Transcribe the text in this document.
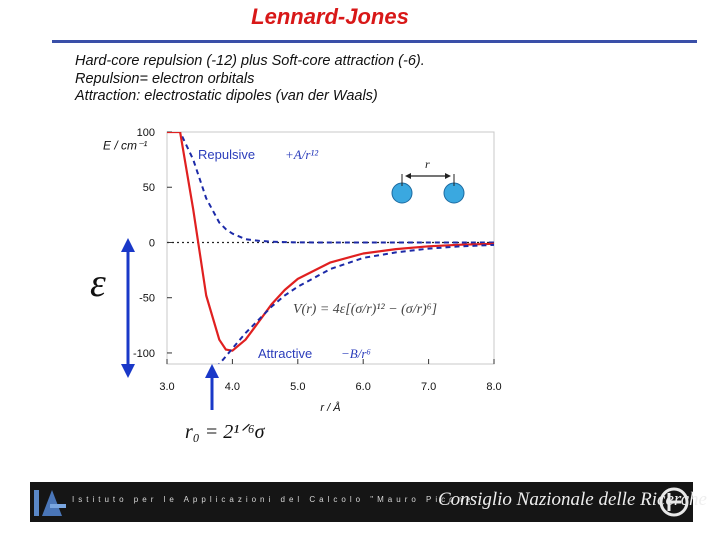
Lennard-Jones
Hard-core repulsion (-12) plus Soft-core attraction (-6).
Repulsion= electron orbitals
Attraction: electrostatic dipoles (van der Waals)
100
50
0
-50
-100
3.0	4.0	5.0	6.0	7.0	8.0
r / Å
E / cm⁻¹
Repulsive +A/r¹²
Attractive −B/r⁶
V(r) = 4ε[(σ/r)¹² − (σ/r)⁶]
r
ε
r₀ = 2¹ᐟ⁶σ
Istituto per le Applicazioni del Calcolo "Mauro Picone"
Consiglio Nazionale delle Ricerche
